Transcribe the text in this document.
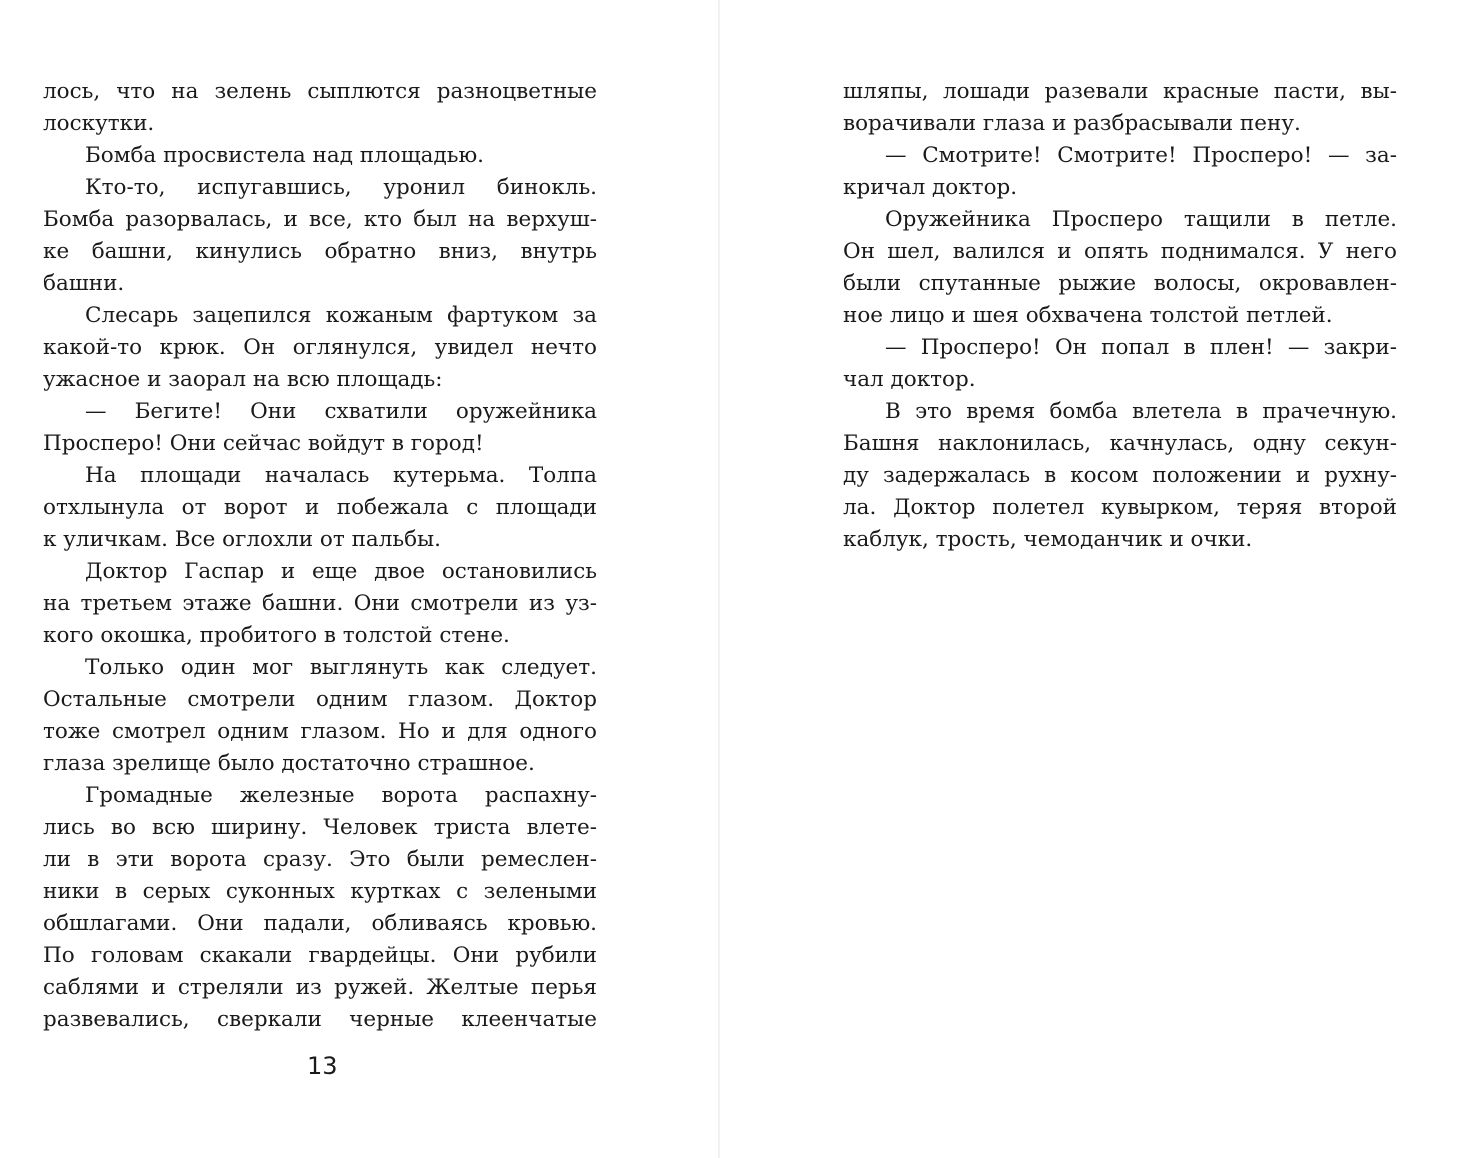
лось, что на зелень сыплются разноцветные
лоскутки.
Бомба просвистела над площадью.
Кто-то, испугавшись, уронил бинокль.
Бомба разорвалась, и все, кто был на верхуш-
ке башни, кинулись обратно вниз, внутрь
башни.
Слесарь зацепился кожаным фартуком за
какой-то крюк. Он оглянулся, увидел нечто
ужасное и заорал на всю площадь:
— Бегите! Они схватили оружейника
Просперо! Они сейчас войдут в город!
На площади началась кутерьма. Толпа
отхлынула от ворот и побежала с площади
к уличкам. Все оглохли от пальбы.
Доктор Гаспар и еще двое остановились
на третьем этаже башни. Они смотрели из уз-
кого окошка, пробитого в толстой стене.
Только один мог выглянуть как следует.
Остальные смотрели одним глазом. Доктор
тоже смотрел одним глазом. Но и для одного
глаза зрелище было достаточно страшное.
Громадные железные ворота распахну-
лись во всю ширину. Человек триста влете-
ли в эти ворота сразу. Это были ремеслен-
ники в серых суконных куртках с зелеными
обшлагами. Они падали, обливаясь кровью.
По головам скакали гвардейцы. Они рубили
саблями и стреляли из ружей. Желтые перья
развевались, сверкали черные клеенчатые
13
шляпы, лошади разевали красные пасти, вы-
ворачивали глаза и разбрасывали пену.
— Смотрите! Смотрите! Просперо! — за-
кричал доктор.
Оружейника Просперо тащили в петле.
Он шел, валился и опять поднимался. У него
были спутанные рыжие волосы, окровавлен-
ное лицо и шея обхвачена толстой петлей.
— Просперо! Он попал в плен! — закри-
чал доктор.
В это время бомба влетела в прачечную.
Башня наклонилась, качнулась, одну секун-
ду задержалась в косом положении и рухну-
ла. Доктор полетел кувырком, теряя второй
каблук, трость, чемоданчик и очки.
